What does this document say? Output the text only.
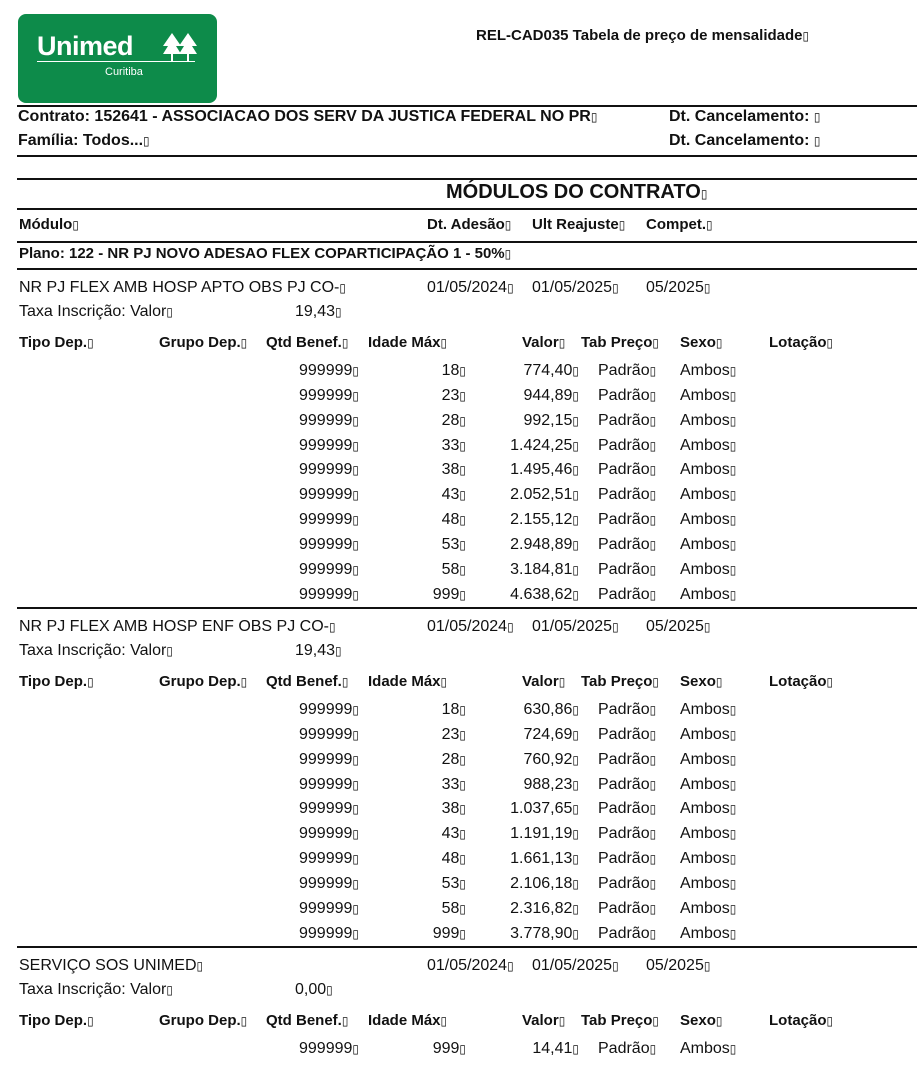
Unimed
Curitiba
REL-CAD035 Tabela de preço de mensalidade▯
Contrato: 152641 - ASSOCIACAO DOS SERV DA JUSTICA FEDERAL NO PR▯	Dt. Cancelamento: ▯
Família: Todos...▯	Dt. Cancelamento: ▯
MÓDULOS DO CONTRATO▯
Módulo▯	Dt. Adesão▯ Ult Reajuste▯ Compet.▯
Plano: 122 - NR PJ NOVO ADESAO FLEX COPARTICIPAÇÃO 1 - 50%▯
NR PJ FLEX AMB HOSP APTO OBS PJ CO-▯	01/05/2024▯ 01/05/2025▯ 05/2025▯
Taxa Inscrição: Valor▯	19,43▯
Tipo Dep.▯	Grupo Dep.▯ Qtd Benef.▯ Idade Máx▯	Valor▯ Tab Preço▯ Sexo▯	Lotação▯
999999▯	18▯	774,40▯ Padrão▯ Ambos▯
999999▯	23▯	944,89▯ Padrão▯ Ambos▯
999999▯	28▯	992,15▯ Padrão▯ Ambos▯
999999▯	33▯	1.424,25▯ Padrão▯ Ambos▯
999999▯	38▯	1.495,46▯ Padrão▯ Ambos▯
999999▯	43▯	2.052,51▯ Padrão▯ Ambos▯
999999▯	48▯	2.155,12▯ Padrão▯ Ambos▯
999999▯	53▯	2.948,89▯ Padrão▯ Ambos▯
999999▯	58▯	3.184,81▯ Padrão▯ Ambos▯
999999▯	999▯	4.638,62▯ Padrão▯ Ambos▯
NR PJ FLEX AMB HOSP ENF OBS PJ CO-▯	01/05/2024▯ 01/05/2025▯ 05/2025▯
Taxa Inscrição: Valor▯	19,43▯
Tipo Dep.▯	Grupo Dep.▯ Qtd Benef.▯ Idade Máx▯	Valor▯ Tab Preço▯ Sexo▯	Lotação▯
999999▯	18▯	630,86▯ Padrão▯ Ambos▯
999999▯	23▯	724,69▯ Padrão▯ Ambos▯
999999▯	28▯	760,92▯ Padrão▯ Ambos▯
999999▯	33▯	988,23▯ Padrão▯ Ambos▯
999999▯	38▯	1.037,65▯ Padrão▯ Ambos▯
999999▯	43▯	1.191,19▯ Padrão▯ Ambos▯
999999▯	48▯	1.661,13▯ Padrão▯ Ambos▯
999999▯	53▯	2.106,18▯ Padrão▯ Ambos▯
999999▯	58▯	2.316,82▯ Padrão▯ Ambos▯
999999▯	999▯	3.778,90▯ Padrão▯ Ambos▯
SERVIÇO SOS UNIMED▯	01/05/2024▯ 01/05/2025▯ 05/2025▯
Taxa Inscrição: Valor▯	0,00▯
Tipo Dep.▯	Grupo Dep.▯ Qtd Benef.▯ Idade Máx▯	Valor▯ Tab Preço▯ Sexo▯	Lotação▯
999999▯	999▯	14,41▯ Padrão▯ Ambos▯
